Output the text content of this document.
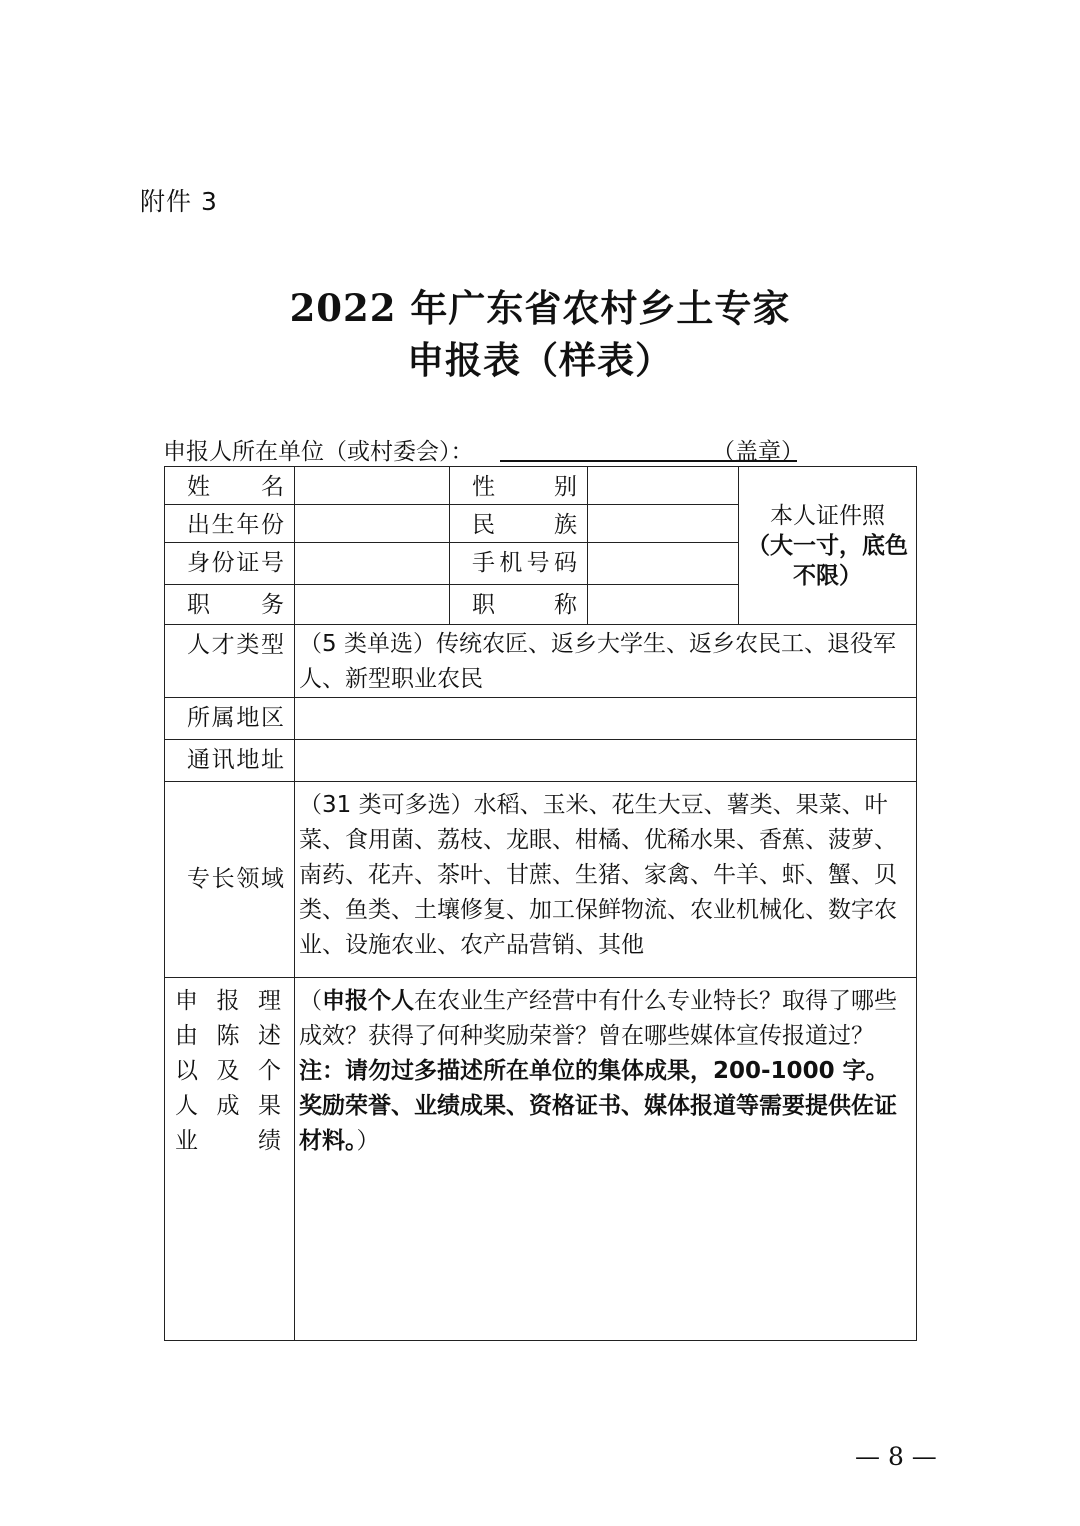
附件 3
2022 年广东省农村乡土专家
申报表（样表）
申报人所在单位（或村委会）：	（盖章）
姓名		性别		本人证件照
（大一寸，底色
不限）

出生年份		民族		
身份证号		手机号码		
职务		职称		
人才类型	（5 类单选）传统农匠、返乡大学生、返乡农民工、退役军人、新型职业农民			
所属地区				
通讯地址				
专长领域	（31 类可多选）水稻、玉米、花生大豆、薯类、果菜、叶菜、食用菌、荔枝、龙眼、柑橘、优稀水果、香蕉、菠萝、南药、花卉、茶叶、甘蔗、生猪、家禽、牛羊、虾、蟹、贝类、鱼类、土壤修复、加工保鲜物流、农业机械化、数字农业、设施农业、农产品营销、其他			
申报理由陈述以及个人成果业绩	（申报个人在农业生产经营中有什么专业特长？取得了哪些成效？获得了何种奖励荣誉？曾在哪些媒体宣传报道过？注：请勿过多描述所在单位的集体成果，200-1000 字。奖励荣誉、业绩成果、资格证书、媒体报道等需要提供佐证材料。）			
— 8 —
